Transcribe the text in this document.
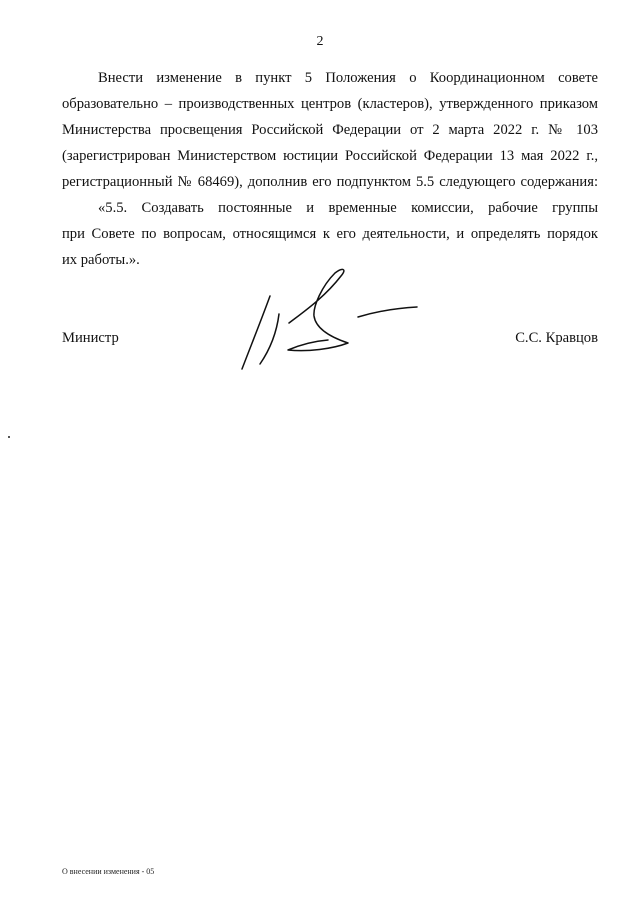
2
Внести изменение в пункт 5 Положения о Координационном совете
образовательно – производственных центров (кластеров), утвержденного приказом
Министерства просвещения Российской Федерации от 2 марта 2022 г. № 103
(зарегистрирован Министерством юстиции Российской Федерации 13 мая 2022 г.,
регистрационный № 68469), дополнив его подпунктом 5.5 следующего содержания:
«5.5. Создавать постоянные и временные комиссии, рабочие группы
при Совете по вопросам, относящимся к его деятельности, и определять порядок
их работы.».
Министр	С.С. Кравцов
О внесении изменения - 05
